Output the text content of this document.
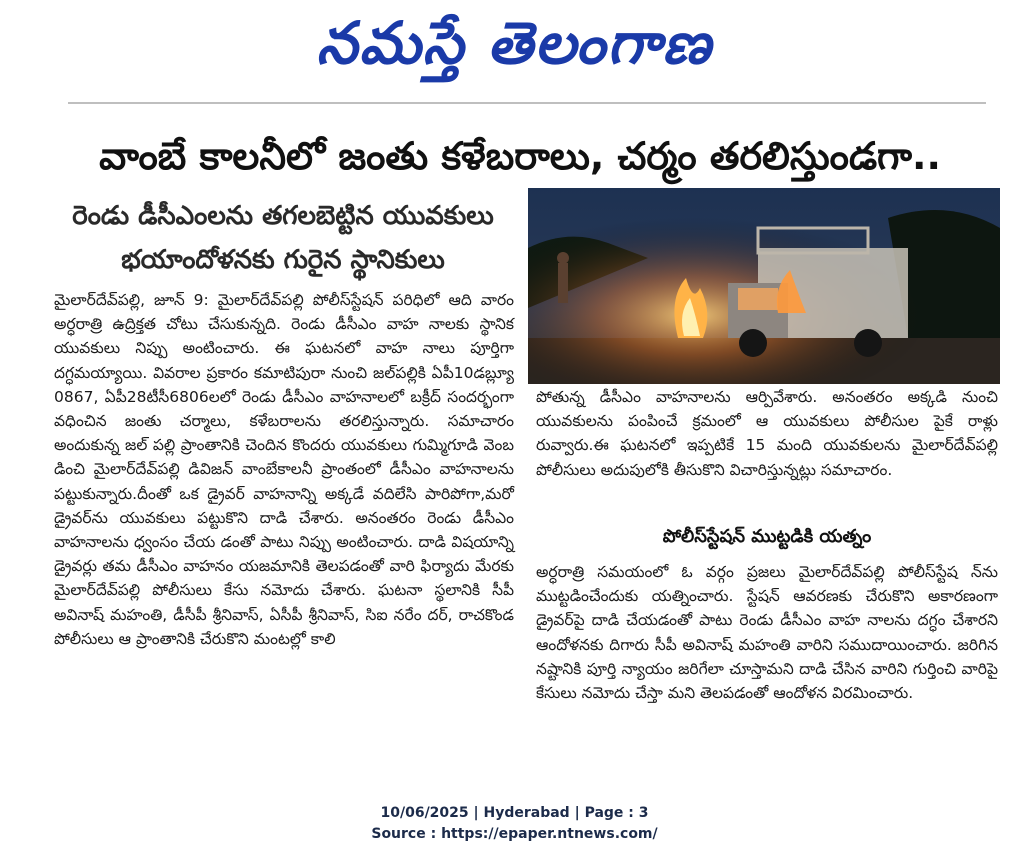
నమస్తే తెలంగాణ
వాంబే కాలనీలో జంతు కళేబరాలు, చర్మం తరలిస్తుండగా..
రెండు డీసీఎంలను తగలబెట్టిన యువకులు
భయాందోళనకు గురైన స్థానికులు
మైలార్‌దేవ్‌పల్లి, జూన్ 9: మైలార్‌దేవ్‌పల్లి పోలీస్‌స్టేషన్ పరిధిలో ఆది వారం అర్ధరాత్రి ఉద్రిక్తత చోటు చేసుకున్నది. రెండు డీసీఎం వాహ నాలకు స్థానిక యువకులు నిప్పు అంటించారు. ఈ ఘటనలో వాహ నాలు పూర్తిగా దగ్ధమయ్యాయి. వివరాల ప్రకారం కమాటిపురా నుంచి జల్‌పల్లికి ఏపీ10డబ్ల్యూ 0867, ఏపీ28టీసీ6806లలో రెండు డీసీఎం వాహనాలలో బక్రీద్ సందర్భంగా వధించిన జంతు చర్మాలు, కళేబరాలను తరలిస్తున్నారు. సమాచారం అందుకున్న జల్ పల్లి ప్రాంతానికి చెందిన కొందరు యువకులు గుమ్మిగూడి వెంబ డించి మైలార్‌దేవ్‌పల్లి డివిజన్ వాంబేకాలనీ ప్రాంతంలో డీసీఎం వాహనాలను పట్టుకున్నారు.దీంతో ఒక డ్రైవర్ వాహనాన్ని అక్కడే వదిలేసి పారిపోగా,మరో డ్రైవర్‌ను యువకులు పట్టుకొని దాడి చేశారు. అనంతరం రెండు డీసీఎం వాహనాలను ధ్వంసం చేయ డంతో పాటు నిప్పు అంటించారు. దాడి విషయాన్ని డ్రైవర్లు తమ డీసీఎం వాహనం యజమానికి తెలపడంతో వారి ఫిర్యాదు మేరకు మైలార్‌దేవ్‌పల్లి పోలీసులు కేసు నమోదు చేశారు. ఘటనా స్థలానికి సీపీ అవినాష్ మహంతి, డీసీపీ శ్రీనివాస్, ఏసీపీ శ్రీనివాస్, సిఐ నరేం దర్, రాచకొండ పోలీసులు ఆ ప్రాంతానికి చేరుకొని మంటల్లో కాలి
పోతున్న డీసీఎం వాహనాలను ఆర్పివేశారు. అనంతరం అక్కడి నుంచి యువకులను పంపించే క్రమంలో ఆ యువకులు పోలీసుల పైకే రాళ్లు రువ్వారు.ఈ ఘటనలో ఇప్పటికే 15 మంది యువకులను మైలార్‌దేవ్‌పల్లి పోలీసులు అదుపులోకి తీసుకొని విచారిస్తున్నట్లు సమాచారం.
పోలీస్‌స్టేషన్ ముట్టడికి యత్నం
అర్ధరాత్రి సమయంలో ఓ వర్గం ప్రజలు మైలార్‌దేవ్‌పల్లి పోలీస్‌స్టేష న్‌ను ముట్టడించేందుకు యత్నించారు. స్టేషన్ ఆవరణకు చేరుకొని అకారణంగా డ్రైవర్‌పై దాడి చేయడంతో పాటు రెండు డీసీఎం వాహ నాలను దగ్ధం చేశారని ఆందోళనకు దిగారు సీపీ అవినాష్ మహంతి వారిని సముదాయించారు. జరిగిన నష్టానికి పూర్తి న్యాయం జరిగేలా చూస్తామని దాడి చేసిన వారిని గుర్తించి వారిపై కేసులు నమోదు చేస్తా మని తెలపడంతో ఆందోళన విరమించారు.
10/06/2025 | Hyderabad | Page : 3
Source : https://epaper.ntnews.com/
